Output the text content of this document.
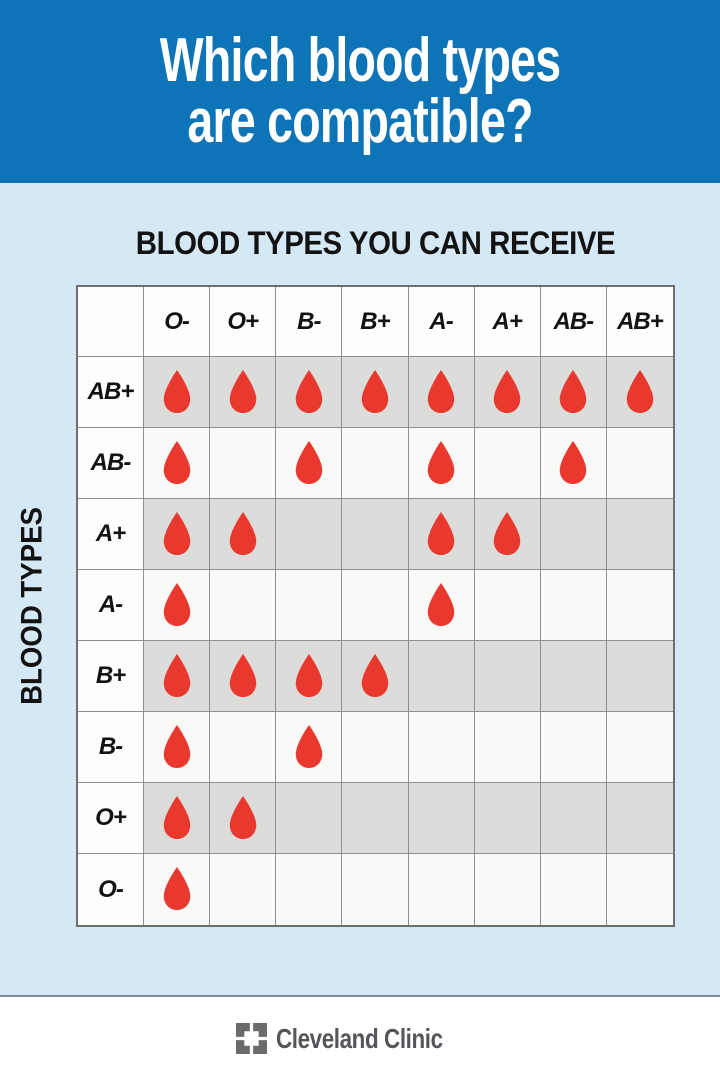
Which blood types
are compatible?
BLOOD TYPES YOU CAN RECEIVE
BLOOD TYPES
O- O+ B- B+ A- A+ AB- AB+
AB+
AB-
A+
A-
B+
B-
O+
O-
Cleveland Clinic
